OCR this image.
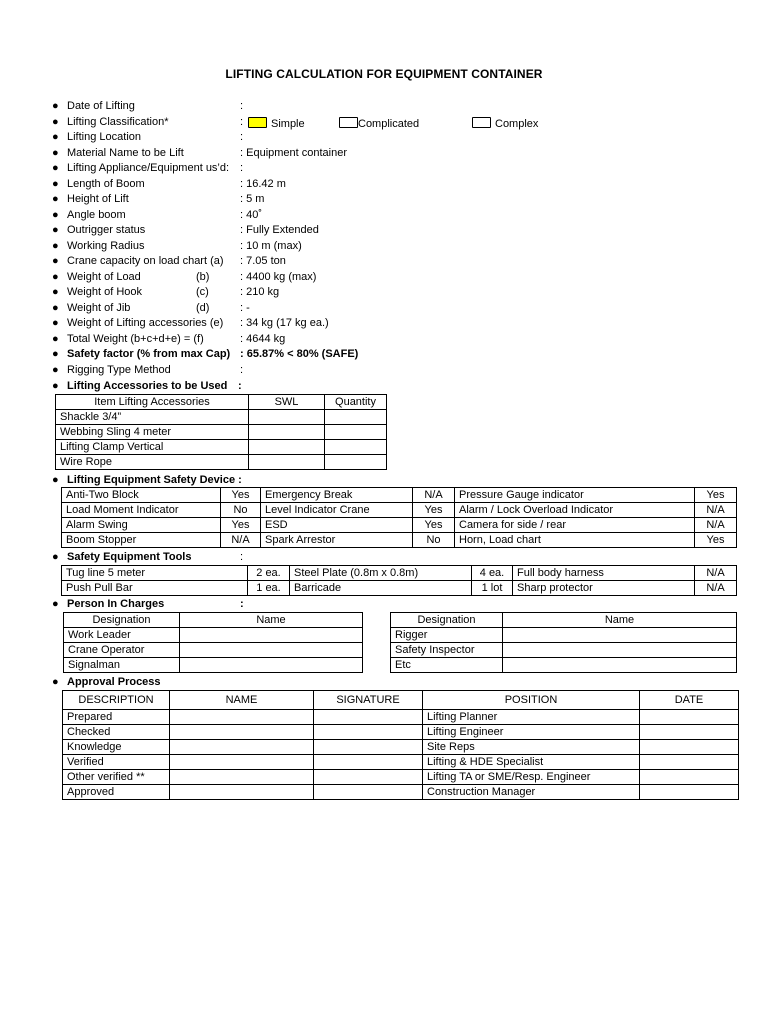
LIFTING CALCULATION FOR EQUIPMENT CONTAINER
● Date of Lifting	:
● Lifting Classification*	:	Simple	Complicated	Complex
● Lifting Location	:
● Material Name to be Lift	: Equipment container
● Lifting Appliance/Equipment us’d: :
● Length of Boom	: 16.42 m
● Height of Lift	: 5 m
● Angle boom	: 40˚
● Outrigger status	: Fully Extended
● Working Radius	: 10 m (max)
● Crane capacity on load chart (a) : 7.05 ton
● Weight of Load	(b)	: 4400 kg (max)
● Weight of Hook	(c)	: 210 kg
● Weight of Jib	(d)	: -
● Weight of Lifting accessories (e) : 34 kg (17 kg ea.)
● Total Weight (b+c+d+e) = (f)	: 4644 kg
● Safety factor (% from max Cap) : 65.87% < 80% (SAFE)
● Rigging Type Method	:
● Lifting Accessories to be Used :
Item Lifting Accessories	SWL	Quantity
Shackle 3/4”		
Webbing Sling 4 meter		
Lifting Clamp Vertical		
Wire Rope		
● Lifting Equipment Safety Device :
Anti-Two Block	Yes	Emergency Break	N/A	Pressure Gauge indicator	Yes
Load Moment Indicator	No	Level Indicator Crane	Yes	Alarm / Lock Overload Indicator	N/A
Alarm Swing	Yes	ESD	Yes	Camera for side / rear	N/A
Boom Stopper	N/A	Spark Arrestor	No	Horn, Load chart	Yes
● Safety Equipment Tools	:
Tug line 5 meter	2 ea.	Steel Plate (0.8m x 0.8m)	4 ea.	Full body harness	N/A
Push Pull Bar	1 ea.	Barricade	1 lot	Sharp protector	N/A
● Person In Charges	:
Designation	Name
Work Leader	
Crane Operator	
Signalman	
Designation	Name
Rigger	
Safety Inspector	
Etc	
● Approval Process
DESCRIPTION	NAME	SIGNATURE	POSITION	DATE
Prepared			Lifting Planner	
Checked			Lifting Engineer	
Knowledge			Site Reps	
Verified			Lifting & HDE Specialist	
Other verified **			Lifting TA or SME/Resp. Engineer	
Approved			Construction Manager	
